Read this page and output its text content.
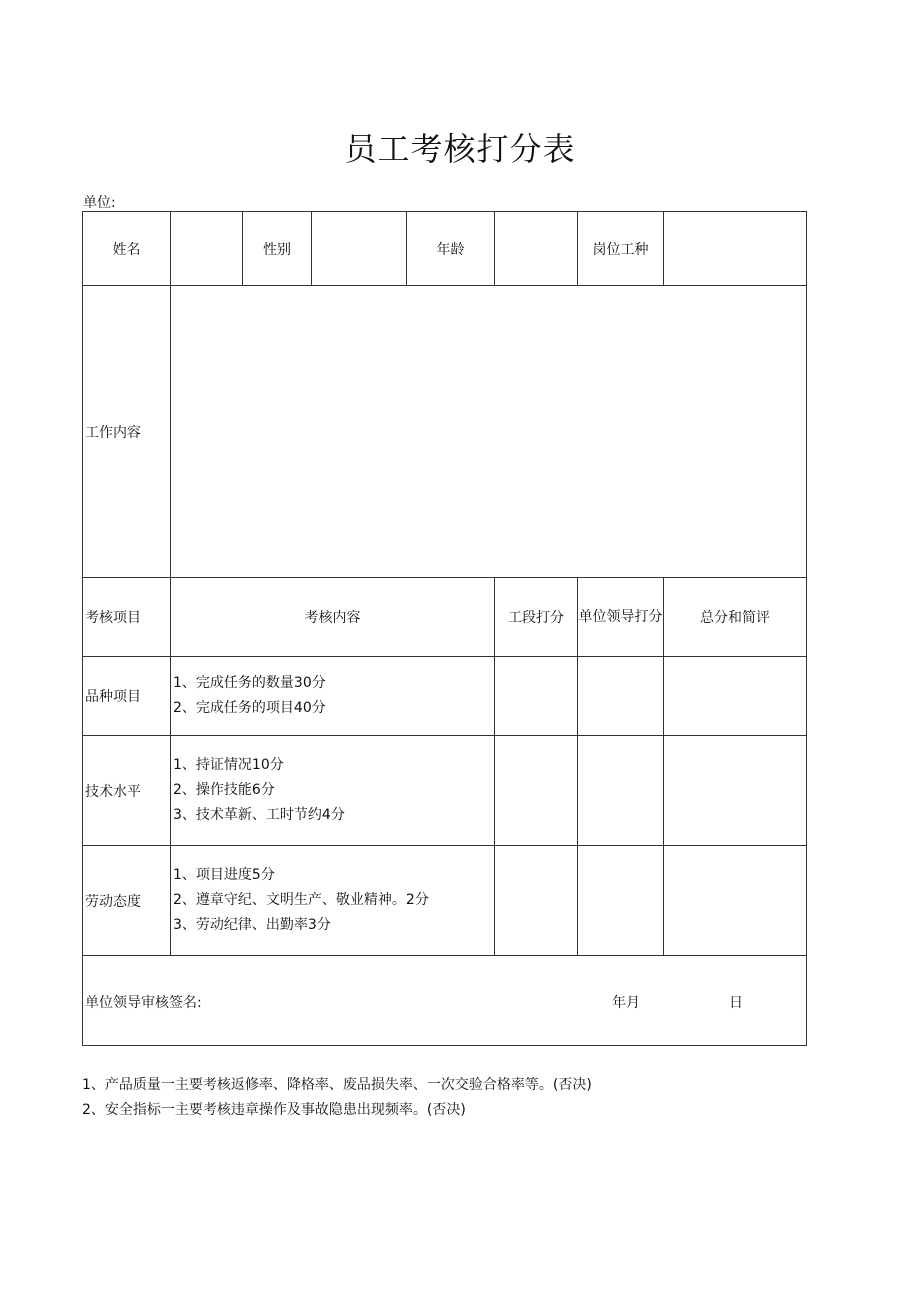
员工考核打分表
单位:
姓名		性别		年龄		岗位工种	
工作内容							
考核项目	考核内容				工段打分	单位领导打分	总分和简评
品种项目	1、完成任务的数量30分
2、完成任务的项目40分						

技术水平	1、持证情况10分
2、操作技能6分
3、技术革新、工时节约4分						

劳动态度	1、项目进度5分
2、遵章守纪、文明生产、敬业精神。2分
3、劳动纪律、出勤率3分						

单位领导审核签名: 年月 日							
1、产品质量一主要考核返修率、降格率、废品损失率、一次交验合格率等。(否决)
2、安全指标一主要考核违章操作及事故隐患出现频率。(否决)
